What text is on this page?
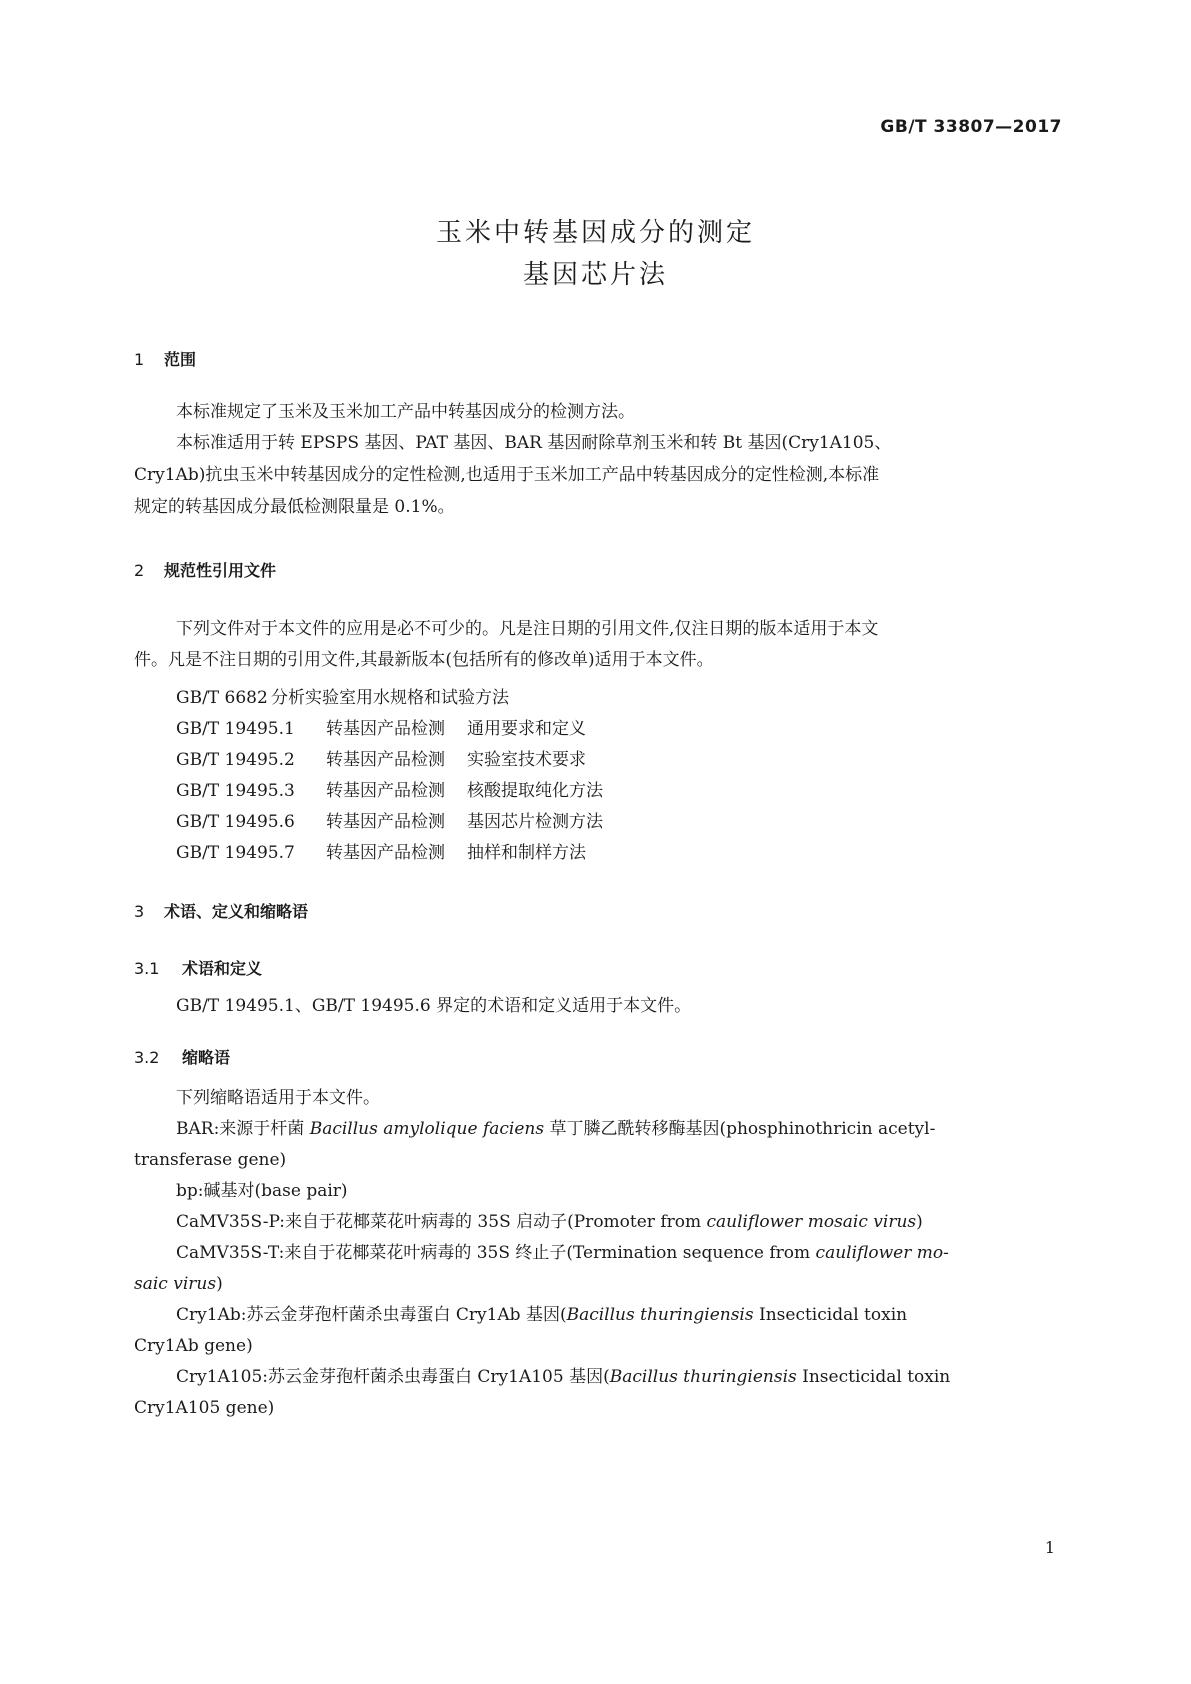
GB/T 33807—2017
玉米中转基因成分的测定
基因芯片法
1 范围
本标准规定了玉米及玉米加工产品中转基因成分的检测方法。
本标准适用于转 EPSPS 基因、PAT 基因、BAR 基因耐除草剂玉米和转 Bt 基因(Cry1A105、
Cry1Ab)抗虫玉米中转基因成分的定性检测,也适用于玉米加工产品中转基因成分的定性检测,本标准
规定的转基因成分最低检测限量是 0.1%。
2 规范性引用文件
下列文件对于本文件的应用是必不可少的。凡是注日期的引用文件,仅注日期的版本适用于本文
件。凡是不注日期的引用文件,其最新版本(包括所有的修改单)适用于本文件。
GB/T 6682 分析实验室用水规格和试验方法
GB/T 19495.1 转基因产品检测 通用要求和定义
GB/T 19495.2 转基因产品检测 实验室技术要求
GB/T 19495.3 转基因产品检测 核酸提取纯化方法
GB/T 19495.6 转基因产品检测 基因芯片检测方法
GB/T 19495.7 转基因产品检测 抽样和制样方法
3 术语、定义和缩略语
3.1 术语和定义
GB/T 19495.1、GB/T 19495.6 界定的术语和定义适用于本文件。
3.2 缩略语
下列缩略语适用于本文件。
BAR:来源于杆菌 Bacillus amylolique faciens 草丁膦乙酰转移酶基因(phosphinothricin acetyl-
transferase gene)
bp:碱基对(base pair)
CaMV35S-P:来自于花椰菜花叶病毒的 35S 启动子(Promoter from cauliflower mosaic virus)
CaMV35S-T:来自于花椰菜花叶病毒的 35S 终止子(Termination sequence from cauliflower mo-
saic virus)
Cry1Ab:苏云金芽孢杆菌杀虫毒蛋白 Cry1Ab 基因(Bacillus thuringiensis Insecticidal toxin
Cry1Ab gene)
Cry1A105:苏云金芽孢杆菌杀虫毒蛋白 Cry1A105 基因(Bacillus thuringiensis Insecticidal toxin
Cry1A105 gene)
1
